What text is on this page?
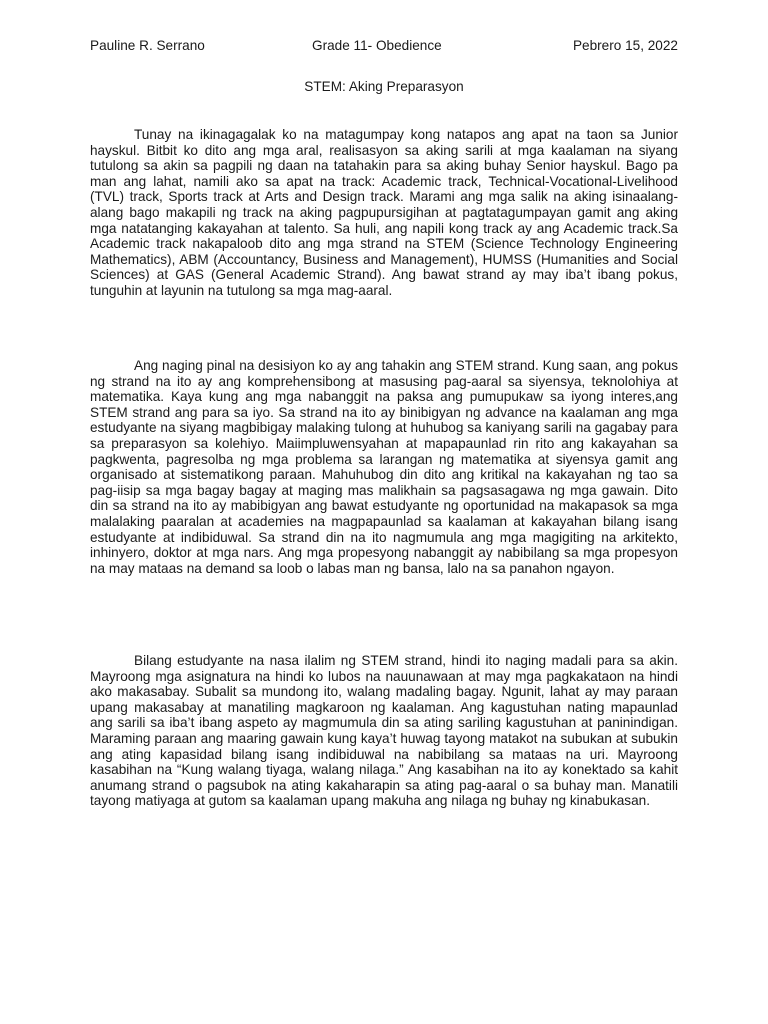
Pauline R. Serrano	Grade 11- Obedience	Pebrero 15, 2022
STEM: Aking Preparasyon

Tunay na ikinagagalak ko na matagumpay kong natapos ang apat na taon sa Junior hayskul. Bitbit ko dito ang mga aral, realisasyon sa aking sarili at mga kaalaman na siyang tutulong sa akin sa pagpili ng daan na tatahakin para sa aking buhay Senior hayskul. Bago pa man ang lahat, namili ako sa apat na track: Academic track, Technical-Vocational-Livelihood (TVL) track, Sports track at Arts and Design track. Marami ang mga salik na aking isinaalang-alang bago makapili ng track na aking pagpupursigihan at pagtatagumpayan gamit ang aking mga natatanging kakayahan at talento. Sa huli, ang napili kong track ay ang Academic track.Sa Academic track nakapaloob dito ang mga strand na STEM (Science Technology Engineering Mathematics), ABM (Accountancy, Business and Management), HUMSS (Humanities and Social Sciences) at GAS (General Academic Strand). Ang bawat strand ay may iba’t ibang pokus, tunguhin at layunin na tutulong sa mga mag-aaral.

Ang naging pinal na desisiyon ko ay ang tahakin ang STEM strand. Kung saan, ang pokus ng strand na ito ay ang komprehensibong at masusing pag-aaral sa siyensya, teknolohiya at matematika. Kaya kung ang mga nabanggit na paksa ang pumupukaw sa iyong interes,ang STEM strand ang para sa iyo. Sa strand na ito ay binibigyan ng advance na kaalaman ang mga estudyante na siyang magbibigay malaking tulong at huhubog sa kaniyang sarili na gagabay para sa preparasyon sa kolehiyo. Maiimpluwensyahan at mapapaunlad rin rito ang kakayahan sa pagkwenta, pagresolba ng mga problema sa larangan ng matematika at siyensya gamit ang organisado at sistematikong paraan. Mahuhubog din dito ang kritikal na kakayahan ng tao sa pag-iisip sa mga bagay bagay at maging mas malikhain sa pagsasagawa ng mga gawain. Dito din sa strand na ito ay mabibigyan ang bawat estudyante ng oportunidad na makapasok sa mga malalaking paaralan at academies na magpapaunlad sa kaalaman at kakayahan bilang isang estudyante at indibiduwal. Sa strand din na ito nagmumula ang mga magigiting na arkitekto, inhinyero, doktor at mga nars. Ang mga propesyong nabanggit ay nabibilang sa mga propesyon na may mataas na demand sa loob o labas man ng bansa, lalo na sa panahon ngayon.

Bilang estudyante na nasa ilalim ng STEM strand, hindi ito naging madali para sa akin. Mayroong mga asignatura na hindi ko lubos na nauunawaan at may mga pagkakataon na hindi ako makasabay. Subalit sa mundong ito, walang madaling bagay. Ngunit, lahat ay may paraan upang makasabay at manatiling magkaroon ng kaalaman. Ang kagustuhan nating mapaunlad ang sarili sa iba’t ibang aspeto ay magmumula din sa ating sariling kagustuhan at paninindigan. Maraming paraan ang maaring gawain kung kaya’t huwag tayong matakot na subukan at subukin ang ating kapasidad bilang isang indibiduwal na nabibilang sa mataas na uri. Mayroong kasabihan na “Kung walang tiyaga, walang nilaga.” Ang kasabihan na ito ay konektado sa kahit anumang strand o pagsubok na ating kakaharapin sa ating pag-aaral o sa buhay man. Manatili tayong matiyaga at gutom sa kaalaman upang makuha ang nilaga ng buhay ng kinabukasan.
